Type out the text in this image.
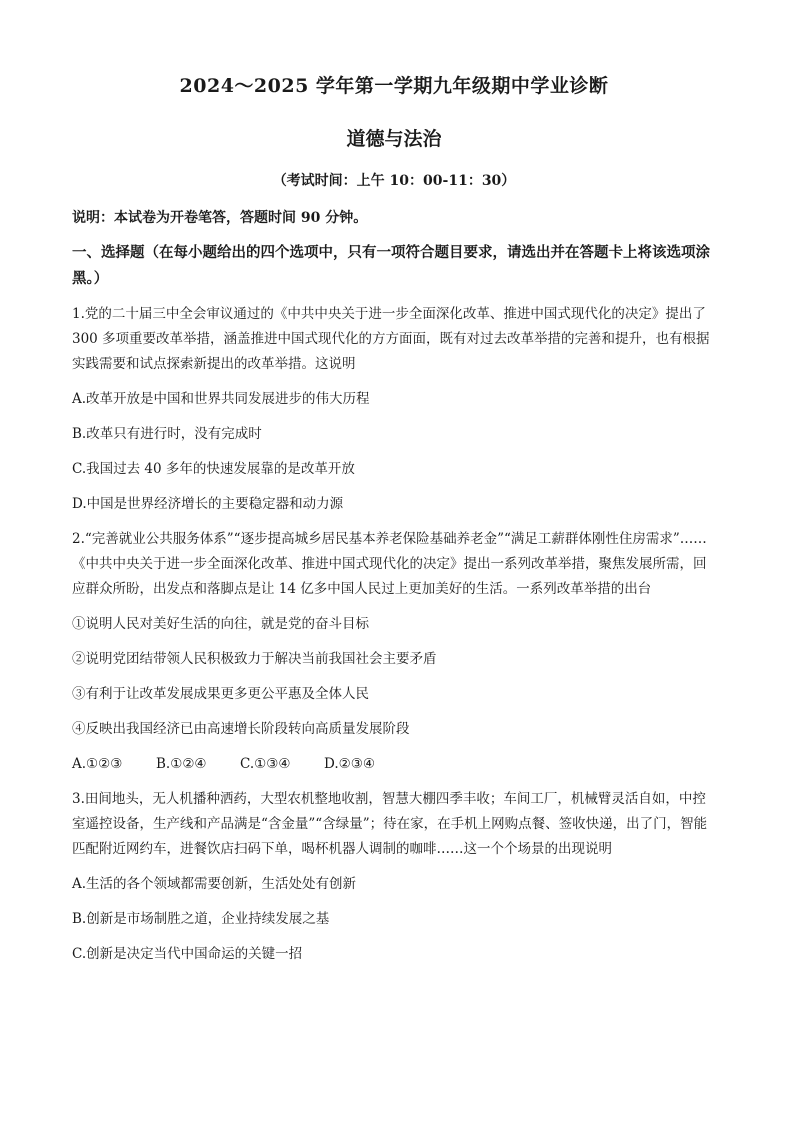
2024～2025 学年第一学期九年级期中学业诊断
道德与法治
（考试时间：上午 10：00-11：30）
说明：本试卷为开卷笔答，答题时间 90 分钟。
一、选择题（在每小题给出的四个选项中，只有一项符合题目要求，请选出并在答题卡上将该选项涂黑。）
1.党的二十届三中全会审议通过的《中共中央关于进一步全面深化改革、推进中国式现代化的决定》提出了 300 多项重要改革举措，涵盖推进中国式现代化的方方面面，既有对过去改革举措的完善和提升，也有根据实践需要和试点探索新提出的改革举措。这说明
A.改革开放是中国和世界共同发展进步的伟大历程
B.改革只有进行时，没有完成时
C.我国过去 40 多年的快速发展靠的是改革开放
D.中国是世界经济增长的主要稳定器和动力源
2.“完善就业公共服务体系”“逐步提高城乡居民基本养老保险基础养老金”“满足工薪群体刚性住房需求”……《中共中央关于进一步全面深化改革、推进中国式现代化的决定》提出一系列改革举措，聚焦发展所需，回应群众所盼，出发点和落脚点是让 14 亿多中国人民过上更加美好的生活。一系列改革举措的出台
①说明人民对美好生活的向往，就是党的奋斗目标
②说明党团结带领人民积极致力于解决当前我国社会主要矛盾
③有利于让改革发展成果更多更公平惠及全体人民
④反映出我国经济已由高速增长阶段转向高质量发展阶段
A.①②③	B.①②④	C.①③④	D.②③④
3.田间地头，无人机播种洒药，大型农机整地收割，智慧大棚四季丰收；车间工厂，机械臂灵活自如，中控室遥控设备，生产线和产品满是“含金量”“含绿量”；待在家，在手机上网购点餐、签收快递，出了门，智能匹配附近网约车，进餐饮店扫码下单，喝杯机器人调制的咖啡……这一个个场景的出现说明
A.生活的各个领域都需要创新，生活处处有创新
B.创新是市场制胜之道，企业持续发展之基
C.创新是决定当代中国命运的关键一招
